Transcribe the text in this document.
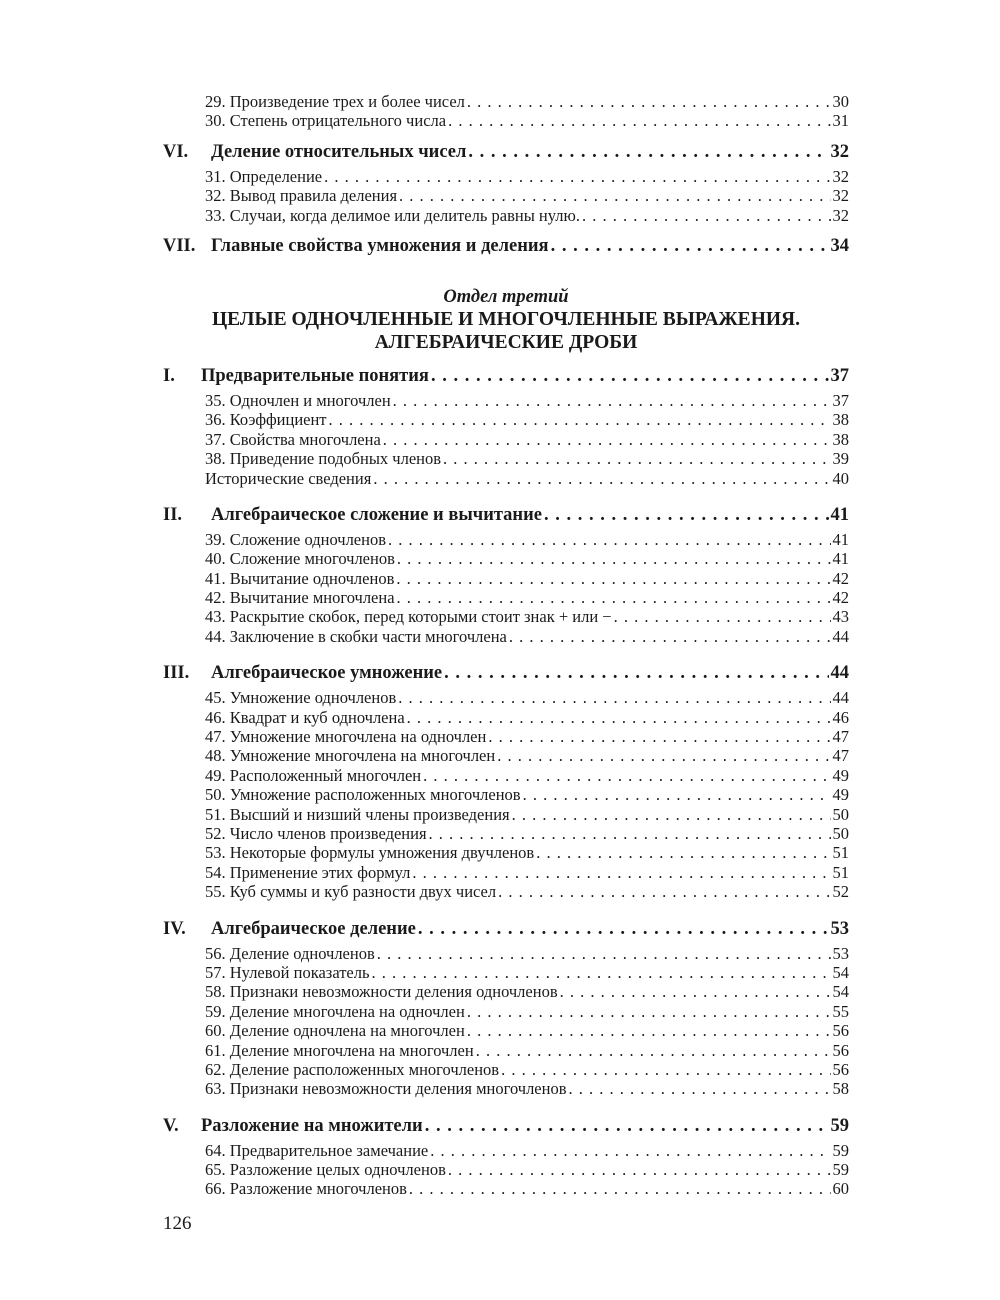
29. Произведение трех и более чисел . . .	30
30. Степень отрицательного числа . . .	31
VI. Деление относительных чисел . . .	32
31. Определение . . .	32
32. Вывод правила деления . . .	32
33. Случаи, когда делимое или делитель равны нулю. . . .	32
VII. Главные свойства умножения и деления . . .	34
Отдел третий
ЦЕЛЫЕ ОДНОЧЛЕННЫЕ И МНОГОЧЛЕННЫЕ ВЫРАЖЕНИЯ.
АЛГЕБРАИЧЕСКИЕ ДРОБИ
I. Предварительные понятия . . .	37
35. Одночлен и многочлен . . .	37
36. Коэффициент . . .	38
37. Свойства многочлена . . .	38
38. Приведение подобных членов . . .	39
Исторические сведения . . .	40
II. Алгебраическое сложение и вычитание . . .	41
39. Сложение одночленов . . .	41
40. Сложение многочленов . . .	41
41. Вычитание одночленов . . .	42
42. Вычитание многочлена . . .	42
43. Раскрытие скобок, перед которыми стоит знак + или − . . .	43
44. Заключение в скобки части многочлена . . .	44
III. Алгебраическое умножение . . .	44
45. Умножение одночленов . . .	44
46. Квадрат и куб одночлена . . .	46
47. Умножение многочлена на одночлен . . .	47
48. Умножение многочлена на многочлен . . .	47
49. Расположенный многочлен . . .	49
50. Умножение расположенных многочленов . . .	49
51. Высший и низший члены произведения . . .	50
52. Число членов произведения . . .	50
53. Некоторые формулы умножения двучленов . . .	51
54. Применение этих формул . . .	51
55. Куб суммы и куб разности двух чисел . . .	52
IV. Алгебраическое деление . . .	53
56. Деление одночленов . . .	53
57. Нулевой показатель . . .	54
58. Признаки невозможности деления одночленов . . .	54
59. Деление многочлена на одночлен . . .	55
60. Деление одночлена на многочлен . . .	56
61. Деление многочлена на многочлен . . .	56
62. Деление расположенных многочленов . . .	56
63. Признаки невозможности деления многочленов . . .	58
V. Разложение на множители . . .	59
64. Предварительное замечание . . .	59
65. Разложение целых одночленов . . .	59
66. Разложение многочленов . . .	60
126
